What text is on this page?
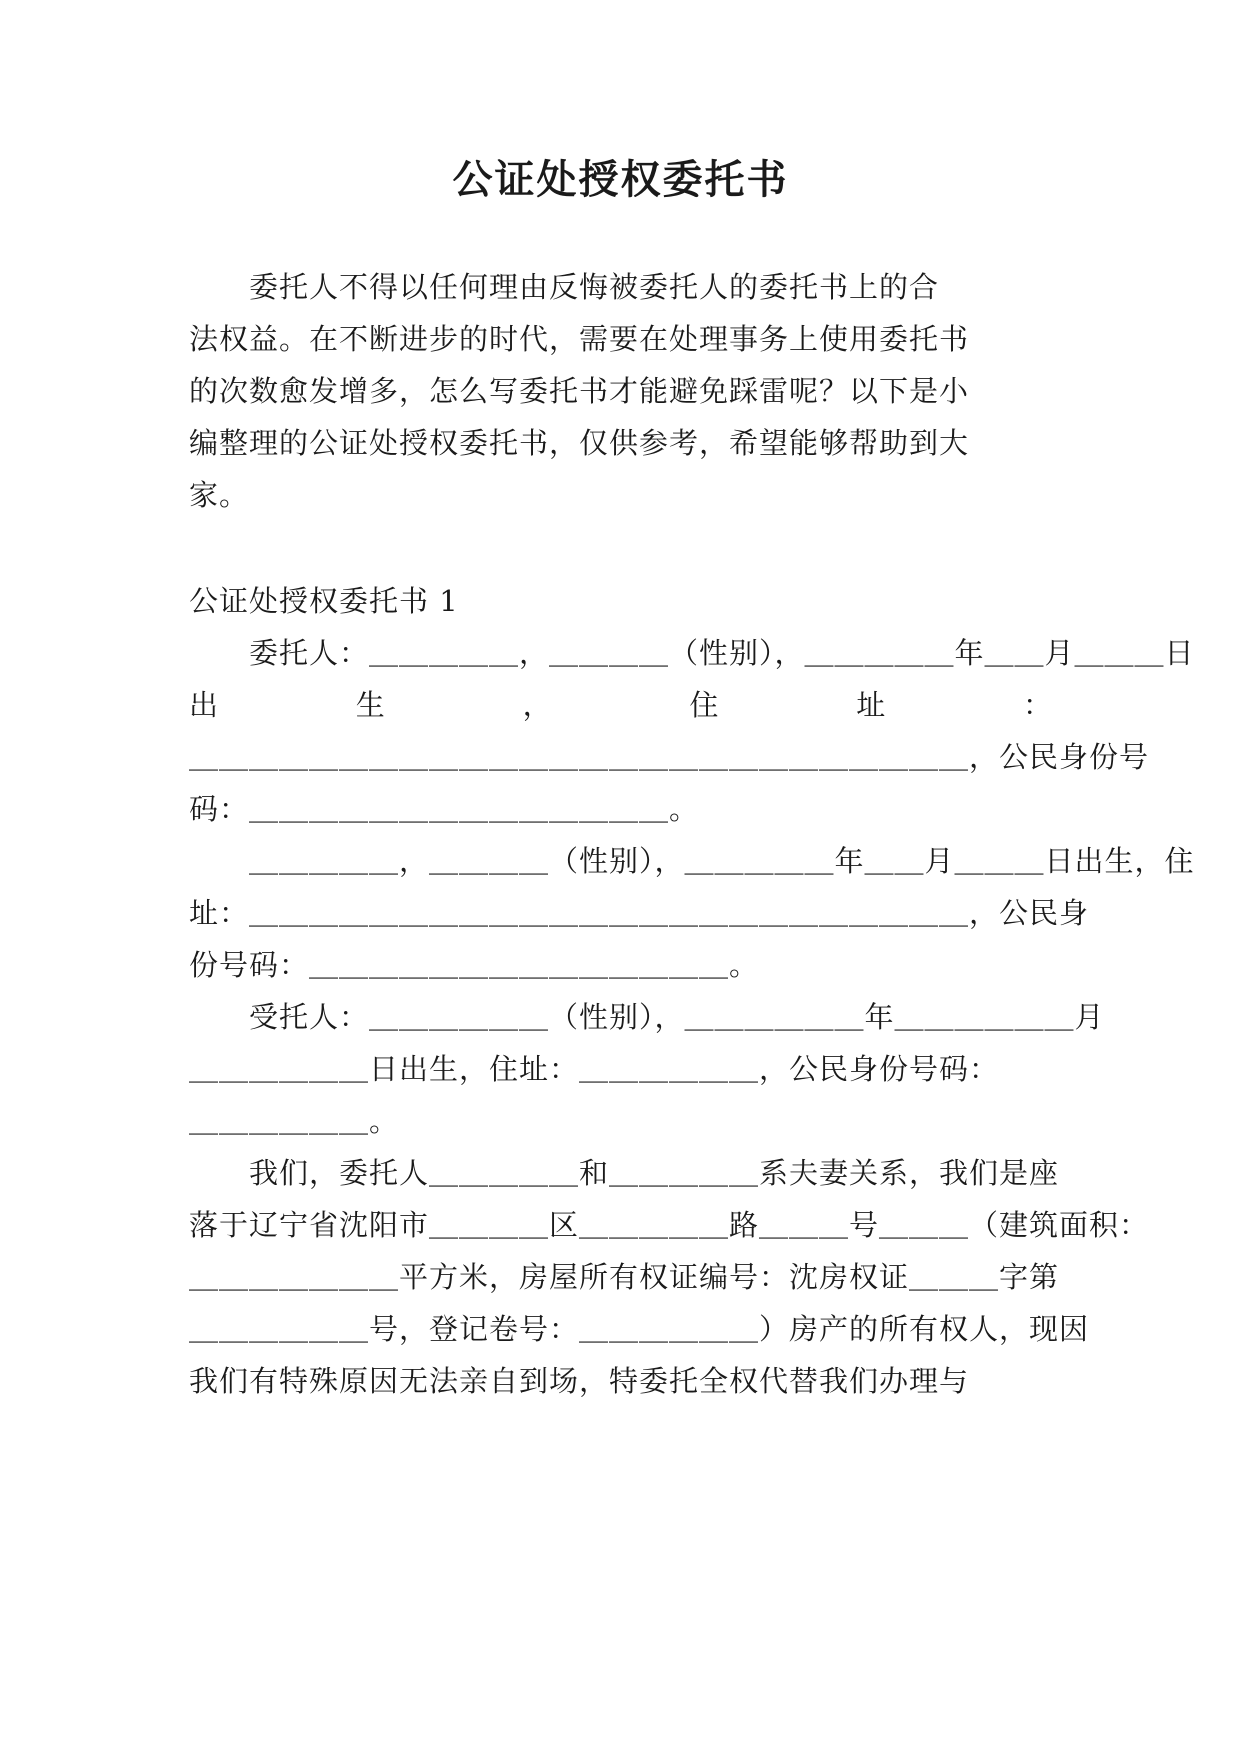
公证处授权委托书
　　委托人不得以任何理由反悔被委托人的委托书上的合
法权益。在不断进步的时代，需要在处理事务上使用委托书
的次数愈发增多，怎么写委托书才能避免踩雷呢？以下是小
编整理的公证处授权委托书，仅供参考，希望能够帮助到大
家。
公证处授权委托书 1
　　委托人：＿＿＿＿＿，＿＿＿＿（性别），＿＿＿＿＿年＿＿月＿＿＿日
出	生	，	住	址	：
＿＿＿＿＿＿＿＿＿＿＿＿＿＿＿＿＿＿＿＿＿＿＿＿＿＿，公民身份号
码：＿＿＿＿＿＿＿＿＿＿＿＿＿＿。
　　＿＿＿＿＿，＿＿＿＿（性别），＿＿＿＿＿年＿＿月＿＿＿日出生，住
址：＿＿＿＿＿＿＿＿＿＿＿＿＿＿＿＿＿＿＿＿＿＿＿＿，公民身
份号码：＿＿＿＿＿＿＿＿＿＿＿＿＿＿。
　　受托人：＿＿＿＿＿＿（性别），＿＿＿＿＿＿年＿＿＿＿＿＿月
＿＿＿＿＿＿日出生，住址：＿＿＿＿＿＿，公民身份号码：
＿＿＿＿＿＿。
　　我们，委托人＿＿＿＿＿和＿＿＿＿＿系夫妻关系，我们是座
落于辽宁省沈阳市＿＿＿＿区＿＿＿＿＿路＿＿＿号＿＿＿（建筑面积：
＿＿＿＿＿＿＿平方米，房屋所有权证编号：沈房权证＿＿＿字第
＿＿＿＿＿＿号，登记卷号：＿＿＿＿＿＿）房产的所有权人，现因
我们有特殊原因无法亲自到场，特委托全权代替我们办理与
